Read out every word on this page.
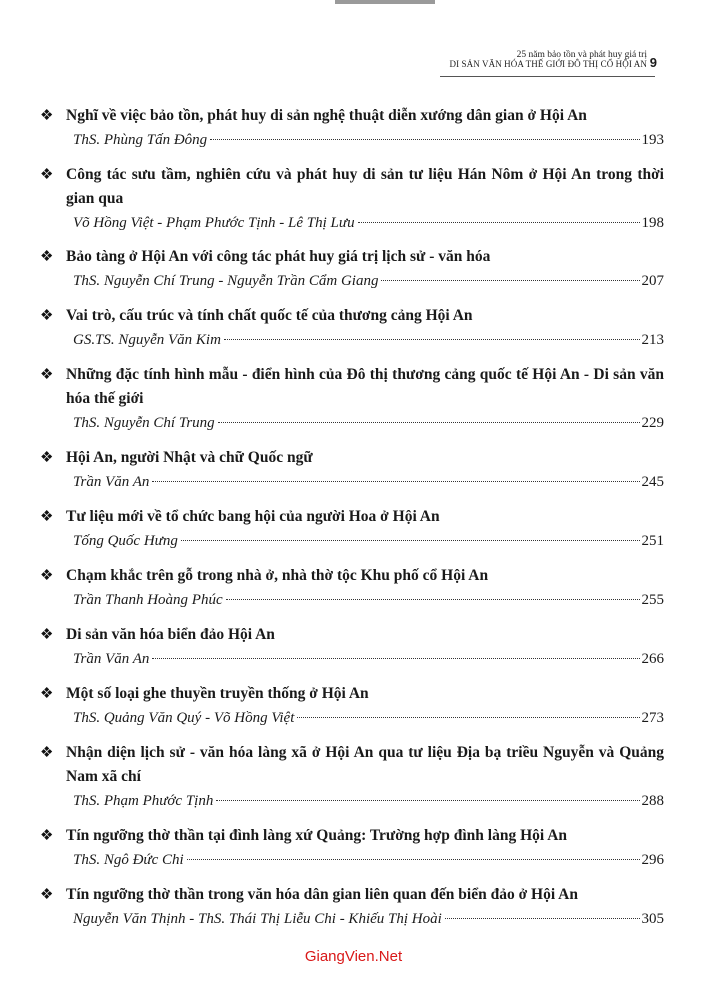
25 năm bảo tồn và phát huy giá trị
DI SẢN VĂN HÓA THẾ GIỚI ĐÔ THỊ CỔ HỘI AN 9
❖ Nghĩ về việc bảo tồn, phát huy di sản nghệ thuật diễn xướng dân gian ở Hội An
ThS. Phùng Tấn Đông	193
❖ Công tác sưu tầm, nghiên cứu và phát huy di sản tư liệu Hán Nôm ở Hội An trong thời gian qua
Võ Hồng Việt - Phạm Phước Tịnh - Lê Thị Lưu	198
❖ Bảo tàng ở Hội An với công tác phát huy giá trị lịch sử - văn hóa
ThS. Nguyễn Chí Trung - Nguyễn Trần Cẩm Giang	207
❖ Vai trò, cấu trúc và tính chất quốc tế của thương cảng Hội An
GS.TS. Nguyễn Văn Kim	213
❖ Những đặc tính hình mẫu - điển hình của Đô thị thương cảng quốc tế Hội An - Di sản văn hóa thế giới
ThS. Nguyễn Chí Trung	229
❖ Hội An, người Nhật và chữ Quốc ngữ
Trần Văn An	245
❖ Tư liệu mới về tổ chức bang hội của người Hoa ở Hội An
Tống Quốc Hưng	251
❖ Chạm khắc trên gỗ trong nhà ở, nhà thờ tộc Khu phố cổ Hội An
Trần Thanh Hoàng Phúc	255
❖ Di sản văn hóa biển đảo Hội An
Trần Văn An	266
❖ Một số loại ghe thuyền truyền thống ở Hội An
ThS. Quảng Văn Quý - Võ Hồng Việt	273
❖ Nhận diện lịch sử - văn hóa làng xã ở Hội An qua tư liệu Địa bạ triều Nguyễn và Quảng Nam xã chí
ThS. Phạm Phước Tịnh	288
❖ Tín ngưỡng thờ thần tại đình làng xứ Quảng: Trường hợp đình làng Hội An
ThS. Ngô Đức Chi	296
❖ Tín ngưỡng thờ thần trong văn hóa dân gian liên quan đến biển đảo ở Hội An
Nguyễn Văn Thịnh - ThS. Thái Thị Liễu Chi - Khiếu Thị Hoài	305
GiangVien.Net
